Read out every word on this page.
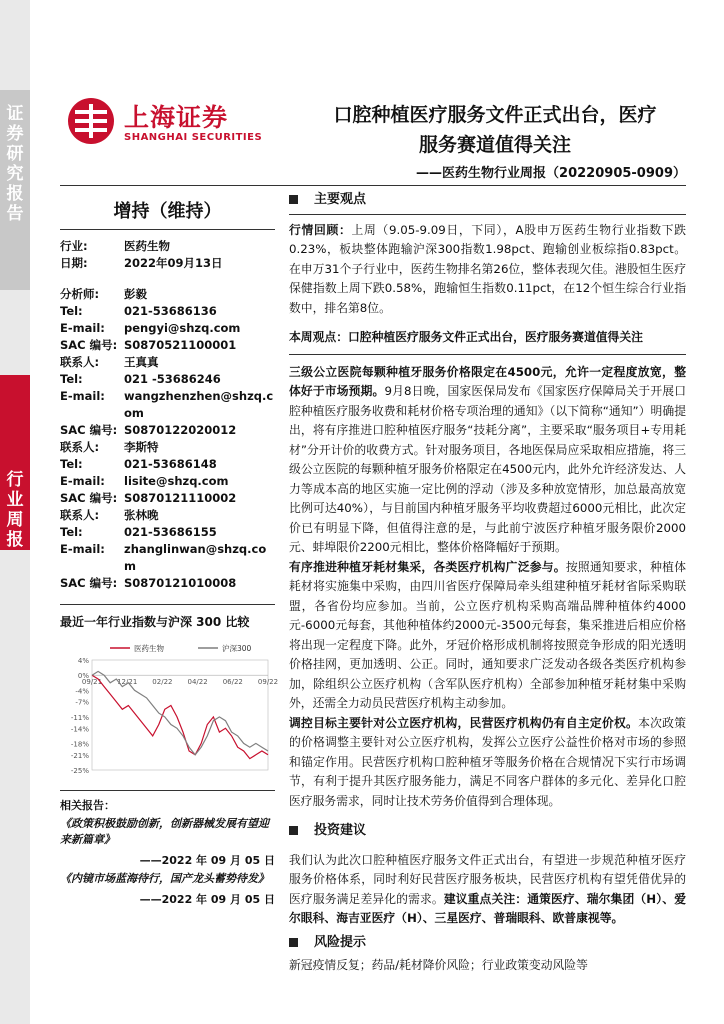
证券研究报告
行业周报
上海证券
SHANGHAI SECURITIES
口腔种植医疗服务文件正式出台，医疗
服务赛道值得关注
——医药生物行业周报（20220905-0909）
增持（维持）
行业:	医药生物
日期:	2022年09月13日
分析师:	彭毅
Tel:	021-53686136
E-mail:	pengyi@shzq.com
SAC 编号: S0870521100001
联系人:	王真真
Tel:	021 -53686246
E-mail:	wangzhenzhen@shzq.com
SAC 编号: S0870122020012
联系人:	李斯特
Tel:	021-53686148
E-mail:	lisite@shzq.com
SAC 编号: S0870121110002
联系人:	张林晚
Tel:	021-53686155
E-mail:	zhanglinwan@shzq.com
SAC 编号: S0870121010008
最近一年行业指数与沪深 300 比较
4%
0%
-4%
-7%
-11%
-14%
-18%
-21%
-25%
09/21 12/21 02/22 04/22 06/22 09/22
医药生物	沪深300
相关报告：
《政策积极鼓励创新，创新器械发展有望迎来新篇章》
——2022 年 09 月 05 日
《内镜市场蓝海待行，国产龙头蓄势待发》
——2022 年 09 月 05 日
主要观点

行情回顾：上周（9.05-9.09日，下同），A股申万医药生物行业指数下跌0.23%，板块整体跑输沪深300指数1.98pct、跑输创业板综指0.83pct。在申万31个子行业中，医药生物排名第26位，整体表现欠佳。港股恒生医疗保健指数上周下跌0.58%，跑输恒生指数0.11pct，在12个恒生综合行业指数中，排名第8位。

本周观点：口腔种植医疗服务文件正式出台，医疗服务赛道值得关注

三级公立医院每颗种植牙服务价格限定在4500元，允许一定程度放宽，整体好于市场预期。9月8日晚，国家医保局发布《国家医疗保障局关于开展口腔种植医疗服务收费和耗材价格专项治理的通知》（以下简称“通知”）明确提出，将有序推进口腔种植医疗服务“技耗分离”，主要采取“服务项目+专用耗材”分开计价的收费方式。针对服务项目，各地医保局应采取相应措施，将三级公立医院的每颗种植牙服务价格限定在4500元内，此外允许经济发达、人力等成本高的地区实施一定比例的浮动（涉及多种放宽情形，加总最高放宽比例可达40%），与目前国内种植牙服务平均收费超过6000元相比，此次定价已有明显下降，但值得注意的是，与此前宁波医疗种植牙服务限价2000元、蚌埠限价2200元相比，整体价格降幅好于预期。

有序推进种植牙耗材集采，各类医疗机构广泛参与。按照通知要求，种植体耗材将实施集中采购，由四川省医疗保障局牵头组建种植牙耗材省际采购联盟，各省份均应参加。当前，公立医疗机构采购高端品牌种植体约4000元-6000元每套，其他种植体约2000元-3500元每套，集采推进后相应价格将出现一定程度下降。此外，牙冠价格形成机制将按照竞争形成的阳光透明价格挂网，更加透明、公正。同时，通知要求广泛发动各级各类医疗机构参加，除组织公立医疗机构（含军队医疗机构）全部参加种植牙耗材集中采购外，还需全力动员民营医疗机构主动参加。

调控目标主要针对公立医疗机构，民营医疗机构仍有自主定价权。本次政策的价格调整主要针对公立医疗机构，发挥公立医疗公益性价格对市场的参照和锚定作用。民营医疗机构口腔种植牙等服务价格在合规情况下实行市场调节，有利于提升其医疗服务能力，满足不同客户群体的多元化、差异化口腔医疗服务需求，同时让技术劳务价值得到合理体现。

投资建议

我们认为此次口腔种植医疗服务文件正式出台，有望进一步规范种植牙医疗服务价格体系，同时利好民营医疗服务板块，民营医疗机构有望凭借优异的医疗服务满足差异化的需求。建议重点关注：通策医疗、瑞尔集团（H）、爱尔眼科、海吉亚医疗（H）、三星医疗、普瑞眼科、欧普康视等。

风险提示

新冠疫情反复；药品/耗材降价风险；行业政策变动风险等
